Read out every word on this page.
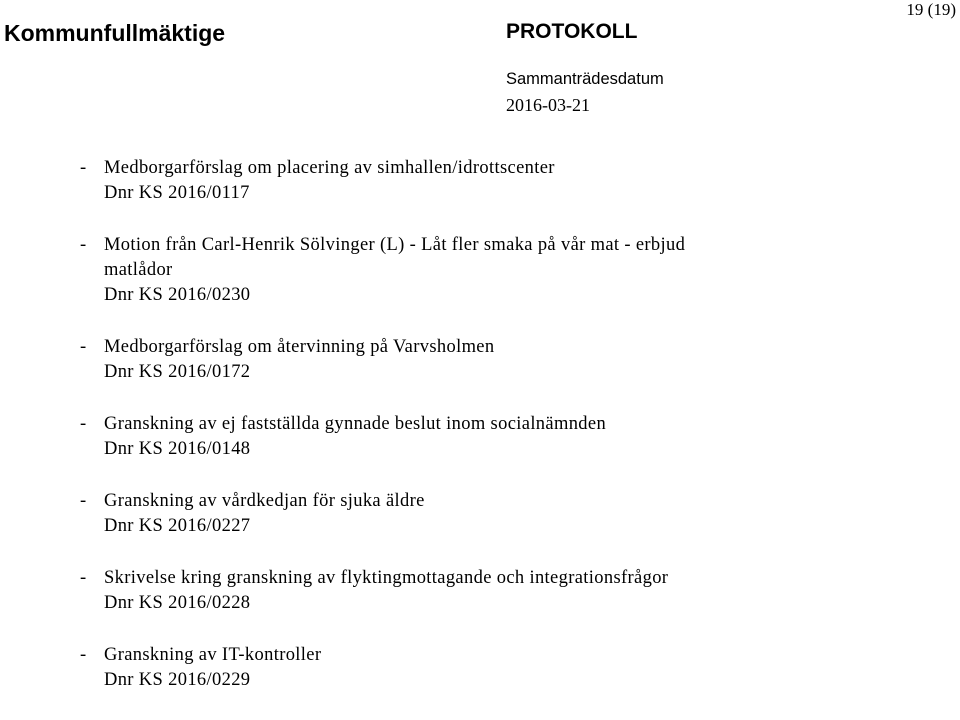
19 (19)
Kommunfullmäktige	PROTOKOLL
Sammanträdesdatum
2016-03-21
- Medborgarförslag om placering av simhallen/idrottscenter
Dnr KS 2016/0117
- Motion från Carl-Henrik Sölvinger (L) - Låt fler smaka på vår mat - erbjud
matlådor
Dnr KS 2016/0230
- Medborgarförslag om återvinning på Varvsholmen
Dnr KS 2016/0172
- Granskning av ej fastställda gynnade beslut inom socialnämnden
Dnr KS 2016/0148
- Granskning av vårdkedjan för sjuka äldre
Dnr KS 2016/0227
- Skrivelse kring granskning av flyktingmottagande och integrationsfrågor
Dnr KS 2016/0228
- Granskning av IT-kontroller
Dnr KS 2016/0229
